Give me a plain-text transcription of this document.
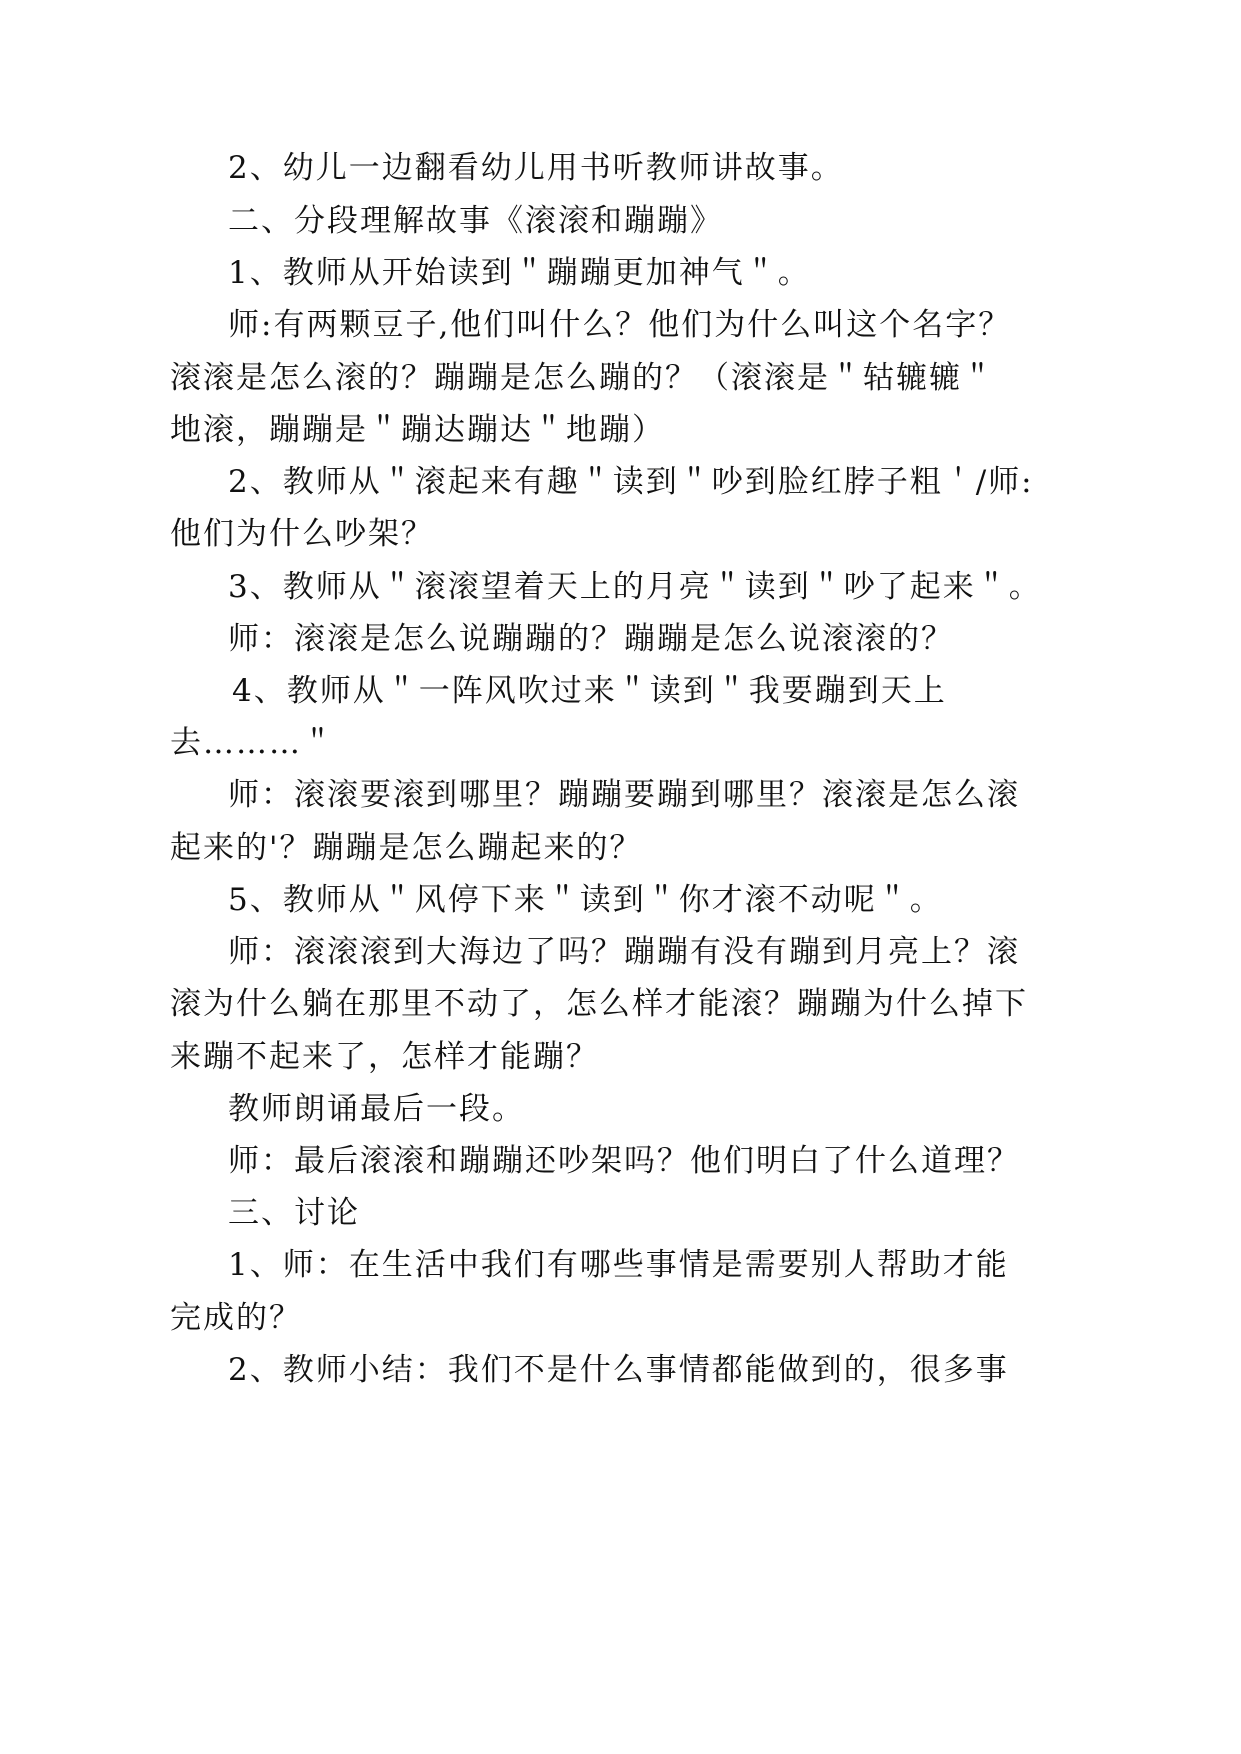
2、幼儿一边翻看幼儿用书听教师讲故事。
二、分段理解故事《滚滚和蹦蹦》
1、教师从开始读到＂蹦蹦更加神气＂。
师:有两颗豆子,他们叫什么？他们为什么叫这个名字？
滚滚是怎么滚的？蹦蹦是怎么蹦的？（滚滚是＂轱辘辘＂
地滚，蹦蹦是＂蹦达蹦达＂地蹦）
2、教师从＂滚起来有趣＂读到＂吵到脸红脖子粗＇/师:
他们为什么吵架？
3、教师从＂滚滚望着天上的月亮＂读到＂吵了起来＂。
师：滚滚是怎么说蹦蹦的？蹦蹦是怎么说滚滚的？
4、教师从＂一阵风吹过来＂读到＂我要蹦到天上
去………＂
师：滚滚要滚到哪里？蹦蹦要蹦到哪里？滚滚是怎么滚
起来的'？蹦蹦是怎么蹦起来的？
5、教师从＂风停下来＂读到＂你才滚不动呢＂。
师：滚滚滚到大海边了吗？蹦蹦有没有蹦到月亮上？滚
滚为什么躺在那里不动了，怎么样才能滚？蹦蹦为什么掉下
来蹦不起来了，怎样才能蹦？
教师朗诵最后一段。
师：最后滚滚和蹦蹦还吵架吗？他们明白了什么道理？
三、讨论
1、师：在生活中我们有哪些事情是需要别人帮助才能
完成的？
2、教师小结：我们不是什么事情都能做到的，很多事
